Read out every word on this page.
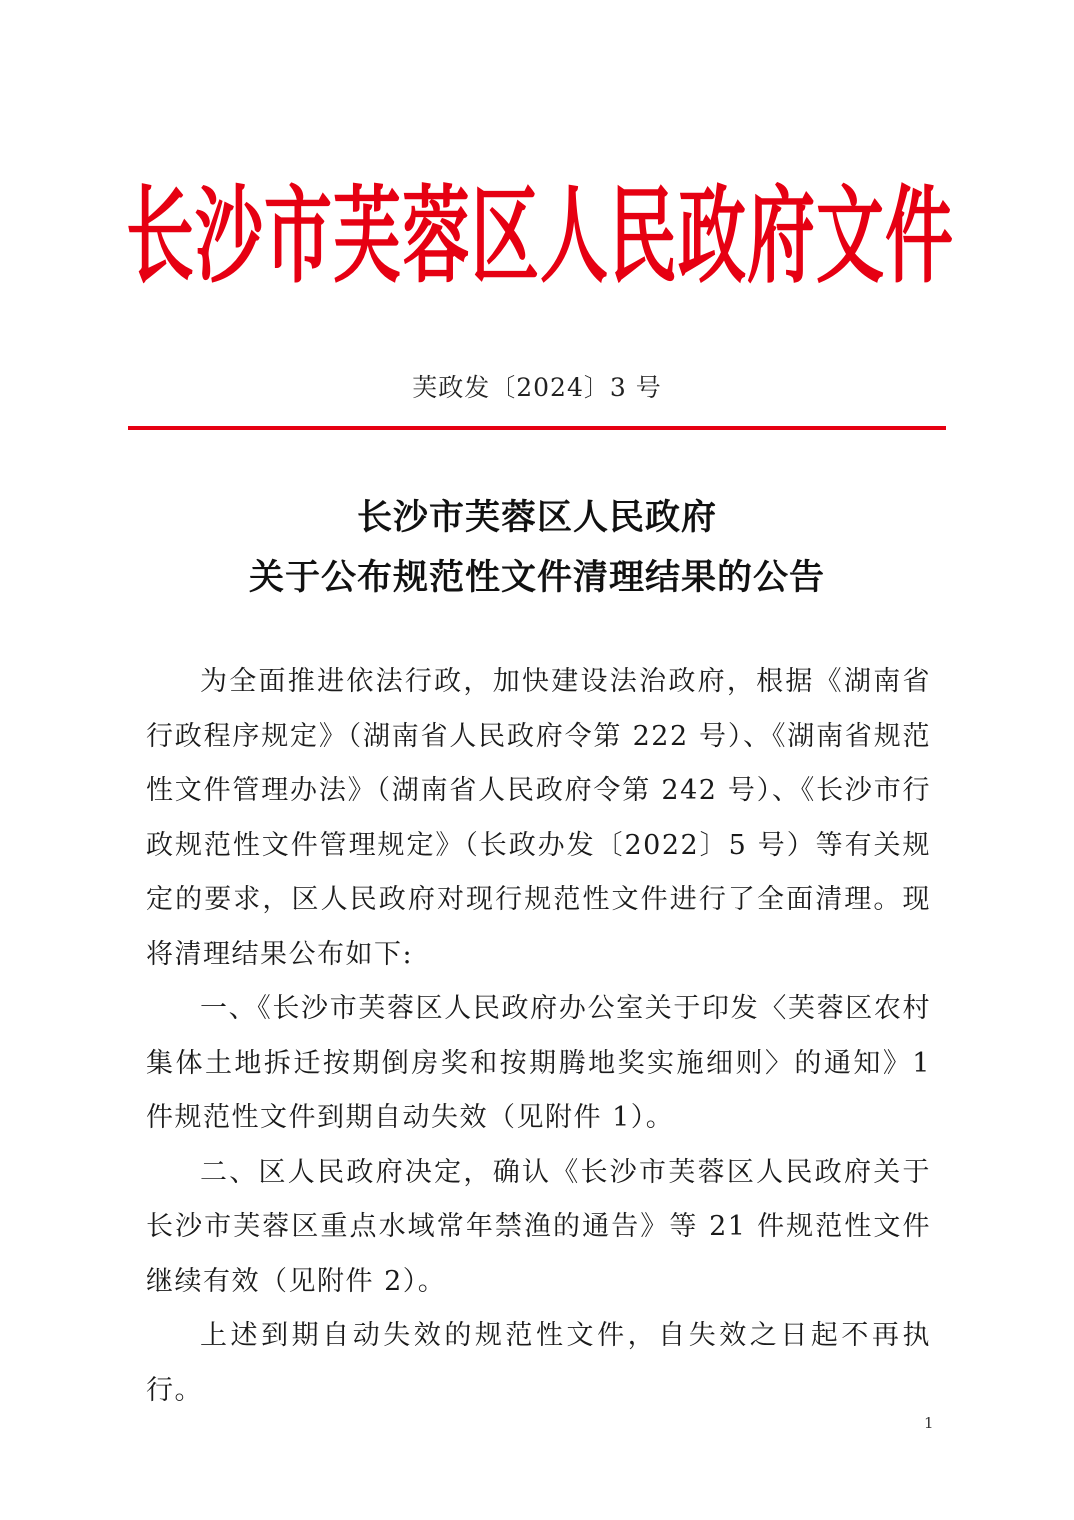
长沙市芙蓉区人民政府文件
芙政发〔2024〕3 号
长沙市芙蓉区人民政府
关于公布规范性文件清理结果的公告

为全面推进依法行政，加快建设法治政府，根据《湖南省行政程序规定》（湖南省人民政府令第 222 号）、《湖南省规范性文件管理办法》（湖南省人民政府令第 242 号）、《长沙市行政规范性文件管理规定》（长政办发〔2022〕5 号）等有关规定的要求，区人民政府对现行规范性文件进行了全面清理。现将清理结果公布如下:

一、《长沙市芙蓉区人民政府办公室关于印发〈芙蓉区农村集体土地拆迁按期倒房奖和按期腾地奖实施细则〉的通知》1 件规范性文件到期自动失效（见附件 1）。

二、区人民政府决定，确认《长沙市芙蓉区人民政府关于长沙市芙蓉区重点水域常年禁渔的通告》等 21 件规范性文件继续有效（见附件 2）。

上述到期自动失效的规范性文件，自失效之日起不再执行。

1
